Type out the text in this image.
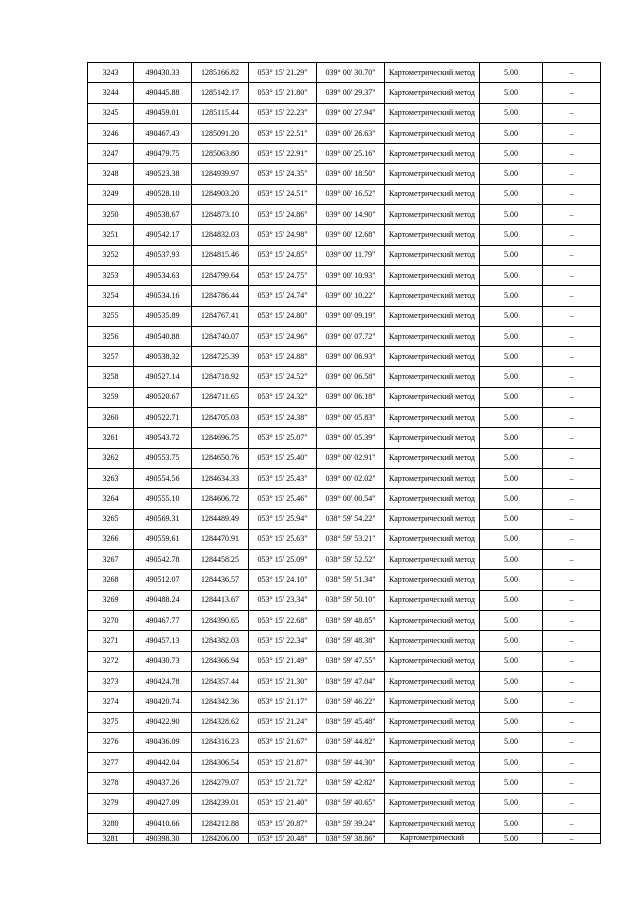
3243	490430.33	1285166.82	053° 15' 21.29"	039° 00' 30.70"	Картометрический метод	5.00	–
3244	490445.88	1285142.17	053° 15' 21.80"	039° 00' 29.37"	Картометрический метод	5.00	–
3245	490459.01	1285115.44	053° 15' 22.23"	039° 00' 27.94"	Картометрический метод	5.00	–
3246	490467.43	1285091.20	053° 15' 22.51"	039° 00' 26.63"	Картометрический метод	5.00	–
3247	490479.75	1285063.80	053° 15' 22.91"	039° 00' 25.16"	Картометрический метод	5.00	–
3248	490523.38	1284939.97	053° 15' 24.35"	039° 00' 18.50"	Картометрический метод	5.00	–
3249	490528.10	1284903.20	053° 15' 24.51"	039° 00' 16.52"	Картометрический метод	5.00	–
3250	490538.67	1284873.10	053° 15' 24.86"	039° 00' 14.90"	Картометрический метод	5.00	–
3251	490542.17	1284832.03	053° 15' 24.98"	039° 00' 12.68"	Картометрический метод	5.00	–
3252	490537.93	1284815.46	053° 15' 24.85"	039° 00' 11.79"	Картометрический метод	5.00	–
3253	490534.63	1284799.64	053° 15' 24.75"	039° 00' 10.93"	Картометрический метод	5.00	–
3254	490534.16	1284786.44	053° 15' 24.74"	039° 00' 10.22"	Картометрический метод	5.00	–
3255	490535.89	1284767.41	053° 15' 24.80"	039° 00' 09.19"	Картометрический метод	5.00	–
3256	490540.88	1284740.07	053° 15' 24.96"	039° 00' 07.72"	Картометрический метод	5.00	–
3257	490538.32	1284725.39	053° 15' 24.88"	039° 00' 06.93"	Картометрический метод	5.00	–
3258	490527.14	1284718.92	053° 15' 24.52"	039° 00' 06.58"	Картометрический метод	5.00	–
3259	490520.67	1284711.65	053° 15' 24.32"	039° 00' 06.18"	Картометрический метод	5.00	–
3260	490522.71	1284705.03	053° 15' 24.38"	039° 00' 05.83"	Картометрический метод	5.00	–
3261	490543.72	1284696.75	053° 15' 25.07"	039° 00' 05.39"	Картометрический метод	5.00	–
3262	490553.75	1284650.76	053° 15' 25.40"	039° 00' 02.91"	Картометрический метод	5.00	–
3263	490554.56	1284634.33	053° 15' 25.43"	039° 00' 02.02"	Картометрический метод	5.00	–
3264	490555.10	1284606.72	053° 15' 25.46"	039° 00' 00.54"	Картометрический метод	5.00	–
3265	490569.31	1284489.49	053° 15' 25.94"	038° 59' 54.22"	Картометрический метод	5.00	–
3266	490559.61	1284470.91	053° 15' 25.63"	038° 59' 53.21"	Картометрический метод	5.00	–
3267	490542.78	1284458.25	053° 15' 25.09"	038° 59' 52.52"	Картометрический метод	5.00	–
3268	490512.07	1284436.57	053° 15' 24.10"	038° 59' 51.34"	Картометрический метод	5.00	–
3269	490488.24	1284413.67	053° 15' 23.34"	038° 59' 50.10"	Картометрический метод	5.00	–
3270	490467.77	1284390.65	053° 15' 22.68"	038° 59' 48.85"	Картометрический метод	5.00	–
3271	490457.13	1284382.03	053° 15' 22.34"	038° 59' 48.38"	Картометрический метод	5.00	–
3272	490430.73	1284366.94	053° 15' 21.49"	038° 59' 47.55"	Картометрический метод	5.00	–
3273	490424.78	1284357.44	053° 15' 21.30"	038° 59' 47.04"	Картометрический метод	5.00	–
3274	490420.74	1284342.36	053° 15' 21.17"	038° 59' 46.22"	Картометрический метод	5.00	–
3275	490422.90	1284328.62	053° 15' 21.24"	038° 59' 45.48"	Картометрический метод	5.00	–
3276	490436.09	1284316.23	053° 15' 21.67"	038° 59' 44.82"	Картометрический метод	5.00	–
3277	490442.04	1284306.54	053° 15' 21.87"	038° 59' 44.30"	Картометрический метод	5.00	–
3278	490437.26	1284279.07	053° 15' 21.72"	038° 59' 42.82"	Картометрический метод	5.00	–
3279	490427.09	1284239.01	053° 15' 21.40"	038° 59' 40.65"	Картометрический метод	5.00	–
3280	490410.66	1284212.88	053° 15' 20.87"	038° 59' 39.24"	Картометрический метод	5.00	–
3281	490398.30	1284206.00	053° 15' 20.48"	038° 59' 38.86"	Картометрический	5.00	–
